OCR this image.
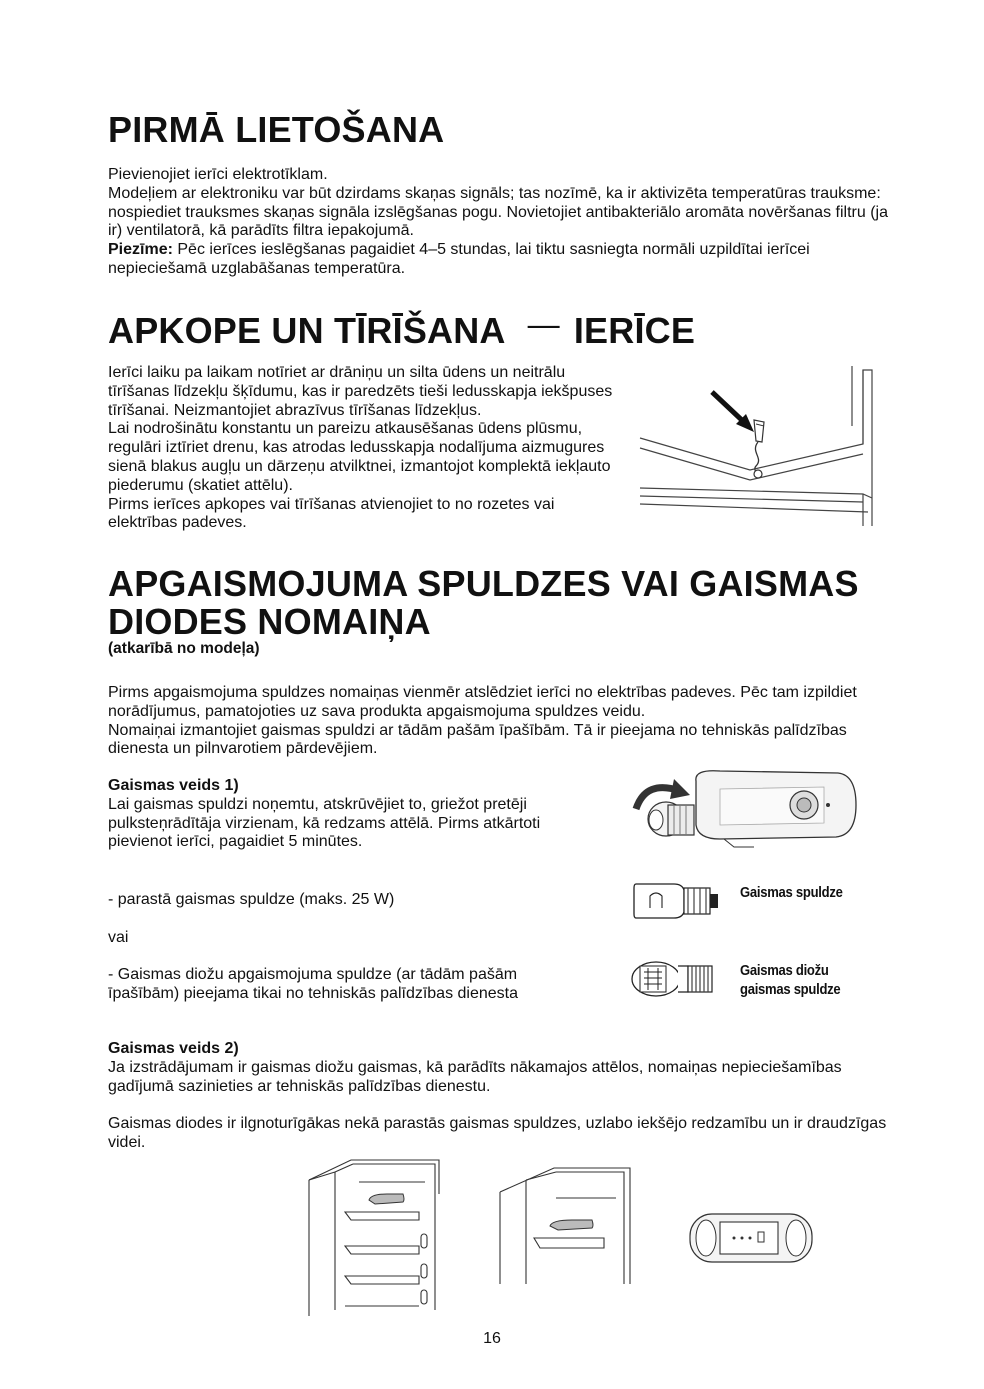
PIRMĀ LIETOŠANA

Pievienojiet ierīci elektrotīklam.

Modeļiem ar elektroniku var būt dzirdams skaņas signāls; tas nozīmē, ka ir aktivizēta temperatūras trauksme: nospiediet trauksmes skaņas signāla izslēgšanas pogu. Novietojiet antibakteriālo aromāta novēršanas filtru (ja ir) ventilatorā, kā parādīts filtra iepakojumā.

Piezīme: Pēc ierīces ieslēgšanas pagaidiet 4–5 stundas, lai tiktu sasniegta normāli uzpildītai ierīcei nepieciešamā uzglabāšanas temperatūra.

APKOPE UN TĪRĪŠANA — IERĪCE

Ierīci laiku pa laikam notīriet ar drāniņu un silta ūdens un neitrālu tīrīšanas līdzekļu šķīdumu, kas ir paredzēts tieši ledusskapja iekšpuses tīrīšanai. Neizmantojiet abrazīvus tīrīšanas līdzekļus.

Lai nodrošinātu konstantu un pareizu atkausēšanas ūdens plūsmu, regulāri iztīriet drenu, kas atrodas ledusskapja nodalījuma aizmugures sienā blakus augļu un dārzeņu atvilktnei, izmantojot komplektā iekļauto piederumu (skatiet attēlu).

Pirms ierīces apkopes vai tīrīšanas atvienojiet to no rozetes vai elektrības padeves.

APGAISMOJUMA SPULDZES VAI GAISMAS
DIODES NOMAIŅA
(atkarībā no modeļa)

Pirms apgaismojuma spuldzes nomaiņas vienmēr atslēdziet ierīci no elektrības padeves. Pēc tam izpildiet norādījumus, pamatojoties uz sava produkta apgaismojuma spuldzes veidu.

Nomaiņai izmantojiet gaismas spuldzi ar tādām pašām īpašībām. Tā ir pieejama no tehniskās palīdzības dienesta un pilnvarotiem pārdevējiem.

Gaismas veids 1)

Lai gaismas spuldzi noņemtu, atskrūvējiet to, griežot pretēji pulksteņrādītāja virzienam, kā redzams attēlā. Pirms atkārtoti pievienot ierīci, pagaidiet 5 minūtes.

- parastā gaismas spuldze (maks. 25 W)
vai
- Gaismas diožu apgaismojuma spuldze (ar tādām pašām īpašībām) pieejama tikai no tehniskās palīdzības dienesta
Gaismas spuldze
Gaismas diožu
gaismas spuldze

Gaismas veids 2)

Ja izstrādājumam ir gaismas diožu gaismas, kā parādīts nākamajos attēlos, nomaiņas nepieciešamības gadījumā sazinieties ar tehniskās palīdzības dienestu.

Gaismas diodes ir ilgnoturīgākas nekā parastās gaismas spuldzes, uzlabo iekšējo redzamību un ir draudzīgas videi.

16
